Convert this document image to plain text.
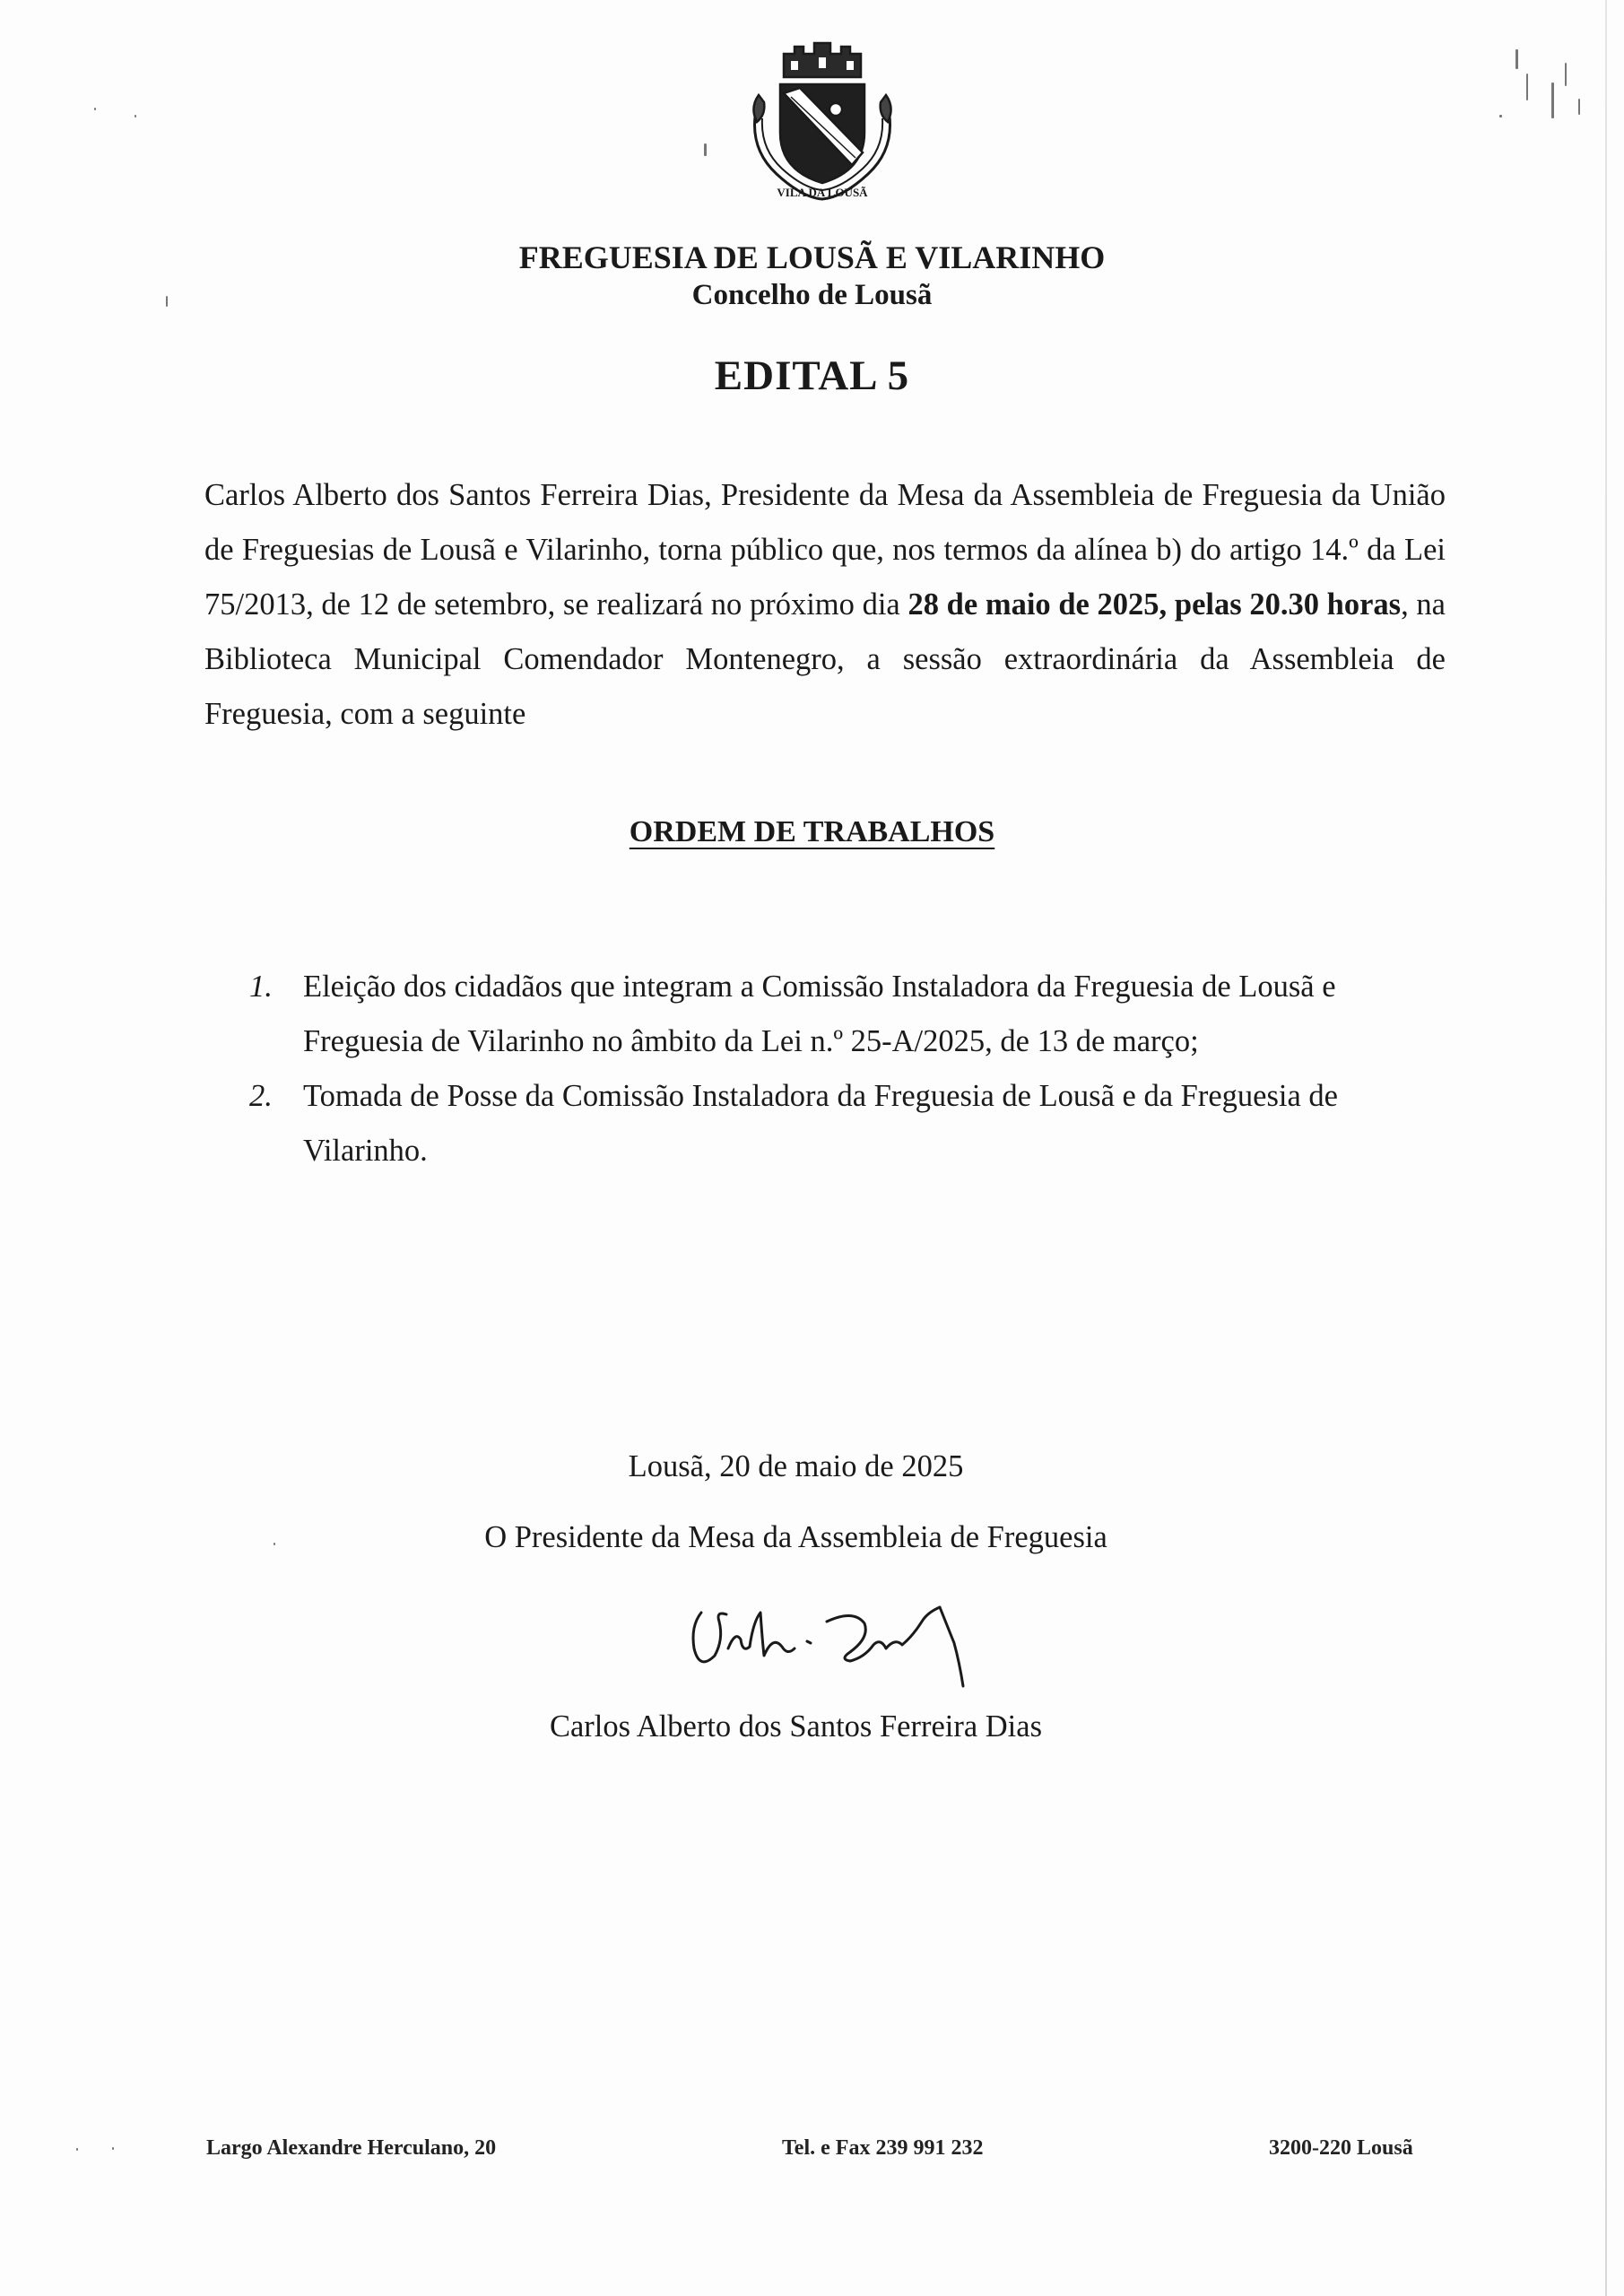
VILA DA LOUSÃ
FREGUESIA DE LOUSÃ E VILARINHO
Concelho de Lousã
EDITAL 5
Carlos Alberto dos Santos Ferreira Dias, Presidente da Mesa da Assembleia de Freguesia da União de Freguesias de Lousã e Vilarinho, torna público que, nos termos da alínea b) do artigo 14.º da Lei 75/2013, de 12 de setembro, se realizará no próximo dia 28 de maio de 2025, pelas 20.30 horas, na Biblioteca Municipal Comendador Montenegro, a sessão extraordinária da Assembleia de Freguesia, com a seguinte
ORDEM DE TRABALHOS
1. Eleição dos cidadãos que integram a Comissão Instaladora da Freguesia de Lousã e Freguesia de Vilarinho no âmbito da Lei n.º 25-A/2025, de 13 de março;
2. Tomada de Posse da Comissão Instaladora da Freguesia de Lousã e da Freguesia de Vilarinho.
Lousã, 20 de maio de 2025
O Presidente da Mesa da Assembleia de Freguesia
Carlos Alberto dos Santos Ferreira Dias
Largo Alexandre Herculano, 20	Tel. e Fax 239 991 232	3200-220 Lousã
